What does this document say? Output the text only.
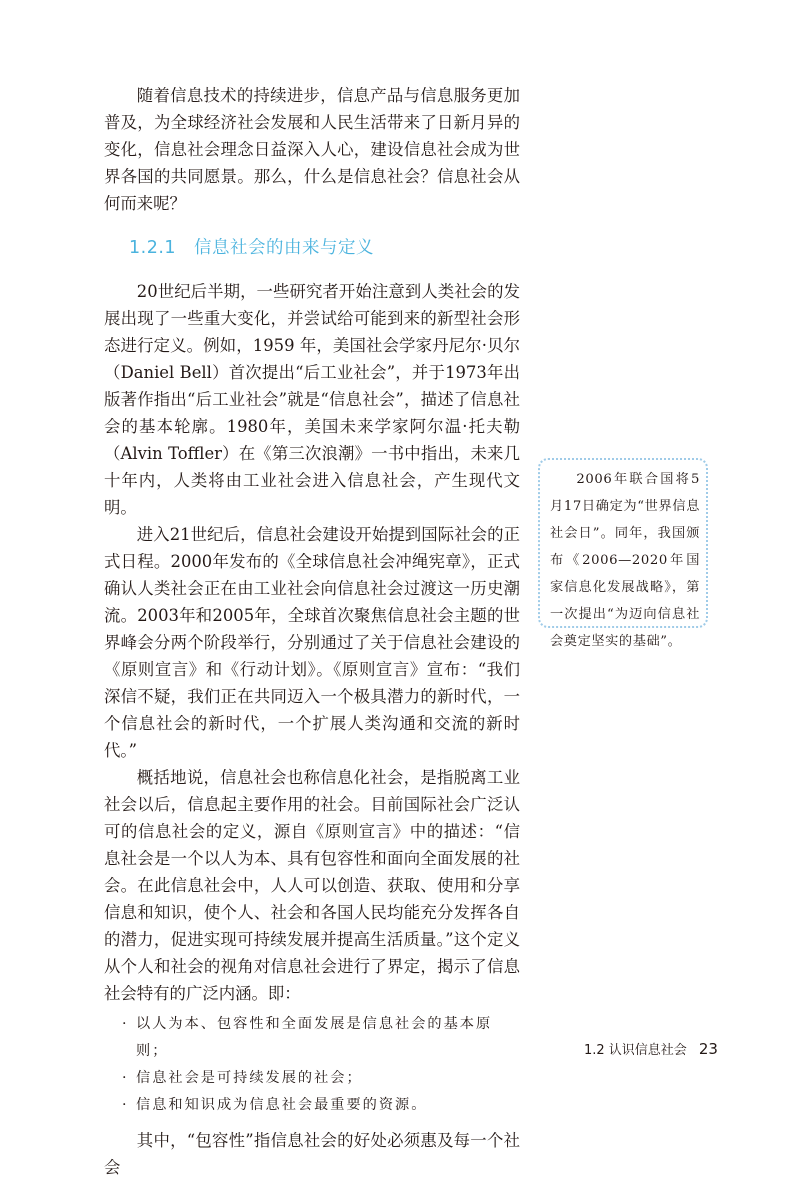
随着信息技术的持续进步，信息产品与信息服务更加普及，为全球经济社会发展和人民生活带来了日新月异的变化，信息社会理念日益深入人心，建设信息社会成为世界各国的共同愿景。那么，什么是信息社会？信息社会从何而来呢？

1.2.1 信息社会的由来与定义

20世纪后半期，一些研究者开始注意到人类社会的发展出现了一些重大变化，并尝试给可能到来的新型社会形态进行定义。例如，1959 年，美国社会学家丹尼尔·贝尔（Daniel Bell）首次提出“后工业社会”，并于1973年出版著作指出“后工业社会”就是“信息社会”，描述了信息社会的基本轮廓。1980年，美国未来学家阿尔温·托夫勒（Alvin Toffler）在《第三次浪潮》一书中指出，未来几十年内，人类将由工业社会进入信息社会，产生现代文明。

进入21世纪后，信息社会建设开始提到国际社会的正式日程。2000年发布的《全球信息社会冲绳宪章》，正式确认人类社会正在由工业社会向信息社会过渡这一历史潮流。2003年和2005年，全球首次聚焦信息社会主题的世界峰会分两个阶段举行，分别通过了关于信息社会建设的《原则宣言》和《行动计划》。《原则宣言》宣布：“我们深信不疑，我们正在共同迈入一个极具潜力的新时代，一个信息社会的新时代，一个扩展人类沟通和交流的新时代。”

概括地说，信息社会也称信息化社会，是指脱离工业社会以后，信息起主要作用的社会。目前国际社会广泛认可的信息社会的定义，源自《原则宣言》中的描述：“信息社会是一个以人为本、具有包容性和面向全面发展的社会。在此信息社会中，人人可以创造、获取、使用和分享信息和知识，使个人、社会和各国人民均能充分发挥各自的潜力，促进实现可持续发展并提高生活质量。”这个定义从个人和社会的视角对信息社会进行了界定，揭示了信息社会特有的广泛内涵。即：

· 以人为本、包容性和全面发展是信息社会的基本原则；
· 信息社会是可持续发展的社会；
· 信息和知识成为信息社会最重要的资源。

其中，“包容性”指信息社会的好处必须惠及每一个社会

2006年联合国将5月17日确定为“世界信息社会日”。同年，我国颁布《2006—2020年国家信息化发展战略》，第一次提出“为迈向信息社会奠定坚实的基础”。

1.2 认识信息社会 23
